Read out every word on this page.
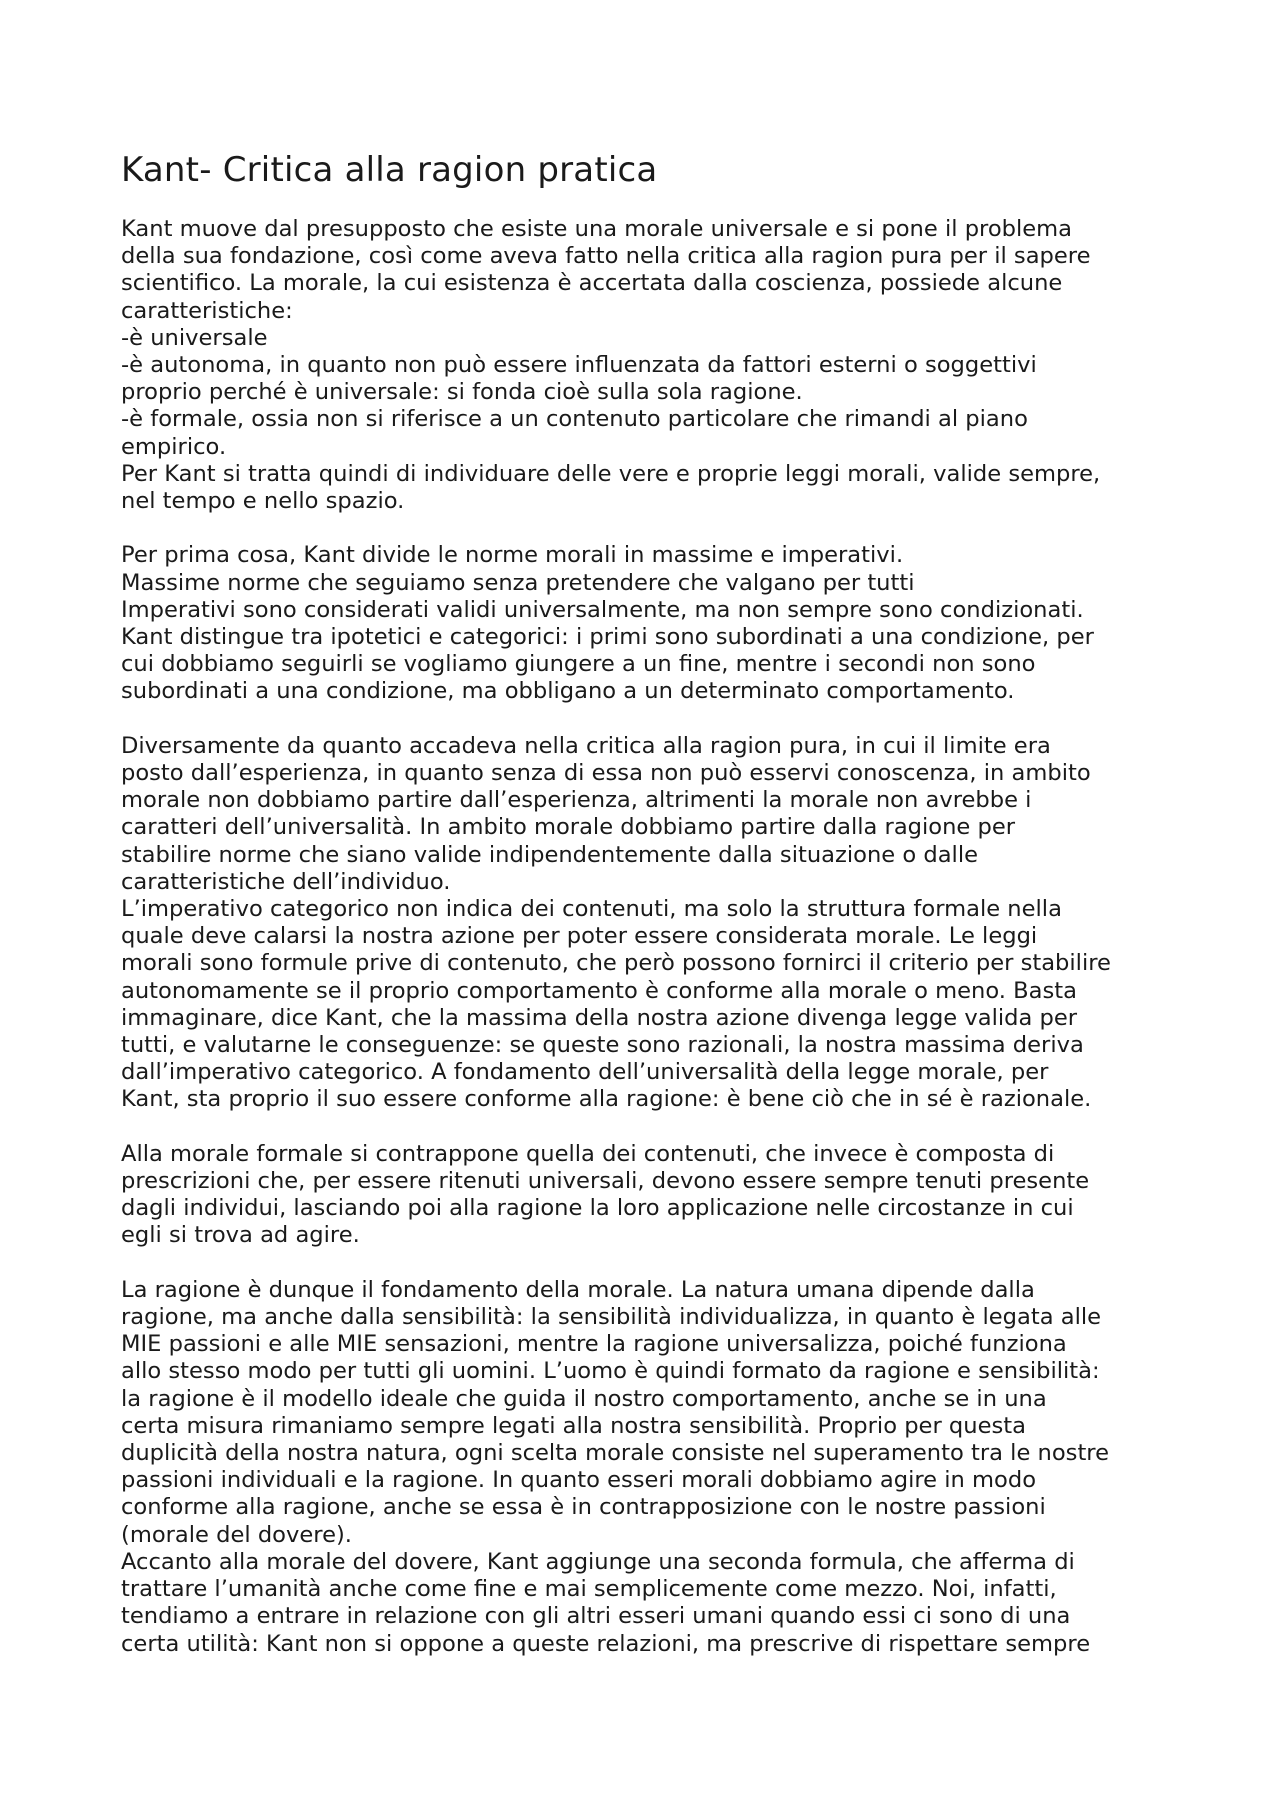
Kant- Critica alla ragion pratica

Kant muove dal presupposto che esiste una morale universale e si pone il problema
della sua fondazione, così come aveva fatto nella critica alla ragion pura per il sapere
scientifico. La morale, la cui esistenza è accertata dalla coscienza, possiede alcune
caratteristiche:
-è universale
-è autonoma, in quanto non può essere influenzata da fattori esterni o soggettivi
proprio perché è universale: si fonda cioè sulla sola ragione.
-è formale, ossia non si riferisce a un contenuto particolare che rimandi al piano
empirico.
Per Kant si tratta quindi di individuare delle vere e proprie leggi morali, valide sempre,
nel tempo e nello spazio.

Per prima cosa, Kant divide le norme morali in massime e imperativi.
Massime norme che seguiamo senza pretendere che valgano per tutti
Imperativi sono considerati validi universalmente, ma non sempre sono condizionati.
Kant distingue tra ipotetici e categorici: i primi sono subordinati a una condizione, per
cui dobbiamo seguirli se vogliamo giungere a un fine, mentre i secondi non sono
subordinati a una condizione, ma obbligano a un determinato comportamento.

Diversamente da quanto accadeva nella critica alla ragion pura, in cui il limite era
posto dall’esperienza, in quanto senza di essa non può esservi conoscenza, in ambito
morale non dobbiamo partire dall’esperienza, altrimenti la morale non avrebbe i
caratteri dell’universalità. In ambito morale dobbiamo partire dalla ragione per
stabilire norme che siano valide indipendentemente dalla situazione o dalle
caratteristiche dell’individuo.
L’imperativo categorico non indica dei contenuti, ma solo la struttura formale nella
quale deve calarsi la nostra azione per poter essere considerata morale. Le leggi
morali sono formule prive di contenuto, che però possono fornirci il criterio per stabilire
autonomamente se il proprio comportamento è conforme alla morale o meno. Basta
immaginare, dice Kant, che la massima della nostra azione divenga legge valida per
tutti, e valutarne le conseguenze: se queste sono razionali, la nostra massima deriva
dall’imperativo categorico. A fondamento dell’universalità della legge morale, per
Kant, sta proprio il suo essere conforme alla ragione: è bene ciò che in sé è razionale.

Alla morale formale si contrappone quella dei contenuti, che invece è composta di
prescrizioni che, per essere ritenuti universali, devono essere sempre tenuti presente
dagli individui, lasciando poi alla ragione la loro applicazione nelle circostanze in cui
egli si trova ad agire.

La ragione è dunque il fondamento della morale. La natura umana dipende dalla
ragione, ma anche dalla sensibilità: la sensibilità individualizza, in quanto è legata alle
MIE passioni e alle MIE sensazioni, mentre la ragione universalizza, poiché funziona
allo stesso modo per tutti gli uomini. L’uomo è quindi formato da ragione e sensibilità:
la ragione è il modello ideale che guida il nostro comportamento, anche se in una
certa misura rimaniamo sempre legati alla nostra sensibilità. Proprio per questa
duplicità della nostra natura, ogni scelta morale consiste nel superamento tra le nostre
passioni individuali e la ragione. In quanto esseri morali dobbiamo agire in modo
conforme alla ragione, anche se essa è in contrapposizione con le nostre passioni
(morale del dovere).
Accanto alla morale del dovere, Kant aggiunge una seconda formula, che afferma di
trattare l’umanità anche come fine e mai semplicemente come mezzo. Noi, infatti,
tendiamo a entrare in relazione con gli altri esseri umani quando essi ci sono di una
certa utilità: Kant non si oppone a queste relazioni, ma prescrive di rispettare sempre
